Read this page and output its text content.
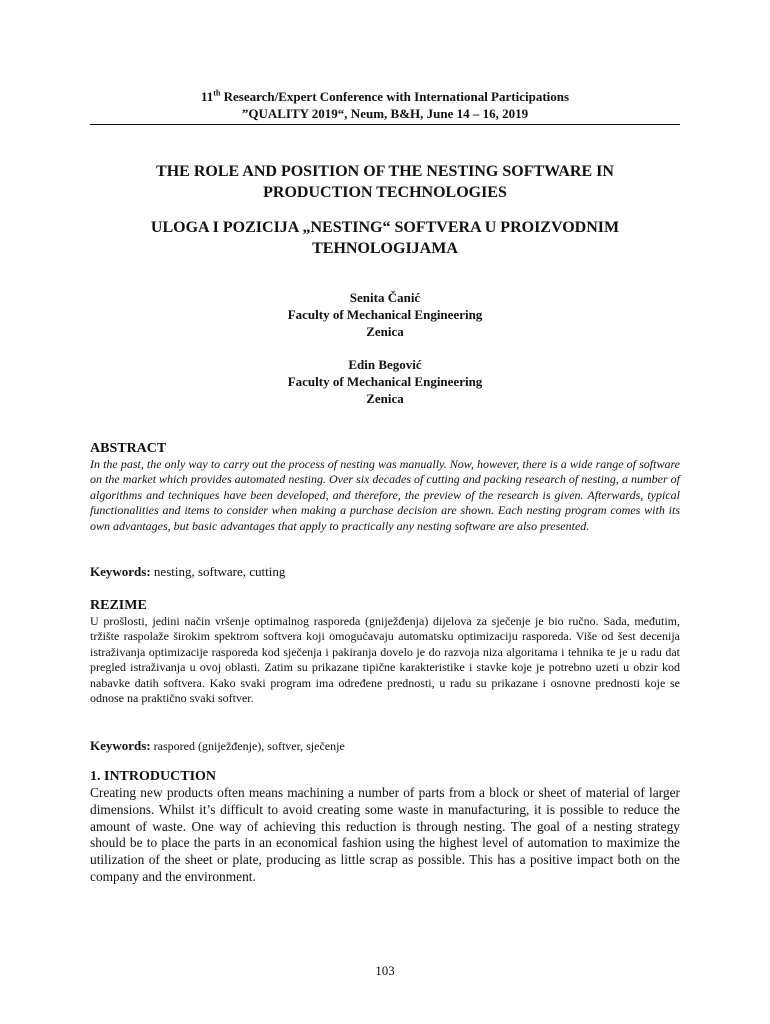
11th Research/Expert Conference with International Participations
”QUALITY 2019“, Neum, B&H, June 14 – 16, 2019
THE ROLE AND POSITION OF THE NESTING SOFTWARE IN
PRODUCTION TECHNOLOGIES
ULOGA I POZICIJA „NESTING“ SOFTVERA U PROIZVODNIM
TEHNOLOGIJAMA
Senita Čanić
Faculty of Mechanical Engineering
Zenica
Edin Begović
Faculty of Mechanical Engineering
Zenica

ABSTRACT

In the past, the only way to carry out the process of nesting was manually. Now, however, there is a wide range of software on the market which provides automated nesting. Over six decades of cutting and packing research of nesting, a number of algorithms and techniques have been developed, and therefore, the preview of the research is given. Afterwards, typical functionalities and items to consider when making a purchase decision are shown. Each nesting program comes with its own advantages, but basic advantages that apply to practically any nesting software are also presented.

Keywords: nesting, software, cutting

REZIME

U prošlosti, jedini način vršenje optimalnog rasporeda (gniježđenja) dijelova za sječenje je bio ručno. Sada, međutim, tržište raspolaže širokim spektrom softvera koji omogućavaju automatsku optimizaciju rasporeda. Više od šest decenija istraživanja optimizacije rasporeda kod sječenja i pakiranja dovelo je do razvoja niza algoritama i tehnika te je u radu dat pregled istraživanja u ovoj oblasti. Zatim su prikazane tipične karakteristike i stavke koje je potrebno uzeti u obzir kod nabavke datih softvera. Kako svaki program ima određene prednosti, u radu su prikazane i osnovne prednosti koje se odnose na praktično svaki softver.

Keywords: raspored (gniježđenje), softver, sječenje

1. INTRODUCTION

Creating new products often means machining a number of parts from a block or sheet of material of larger dimensions. Whilst it’s difficult to avoid creating some waste in manufacturing, it is possible to reduce the amount of waste. One way of achieving this reduction is through nesting. The goal of a nesting strategy should be to place the parts in an economical fashion using the highest level of automation to maximize the utilization of the sheet or plate, producing as little scrap as possible. This has a positive impact both on the company and the environment.

103
